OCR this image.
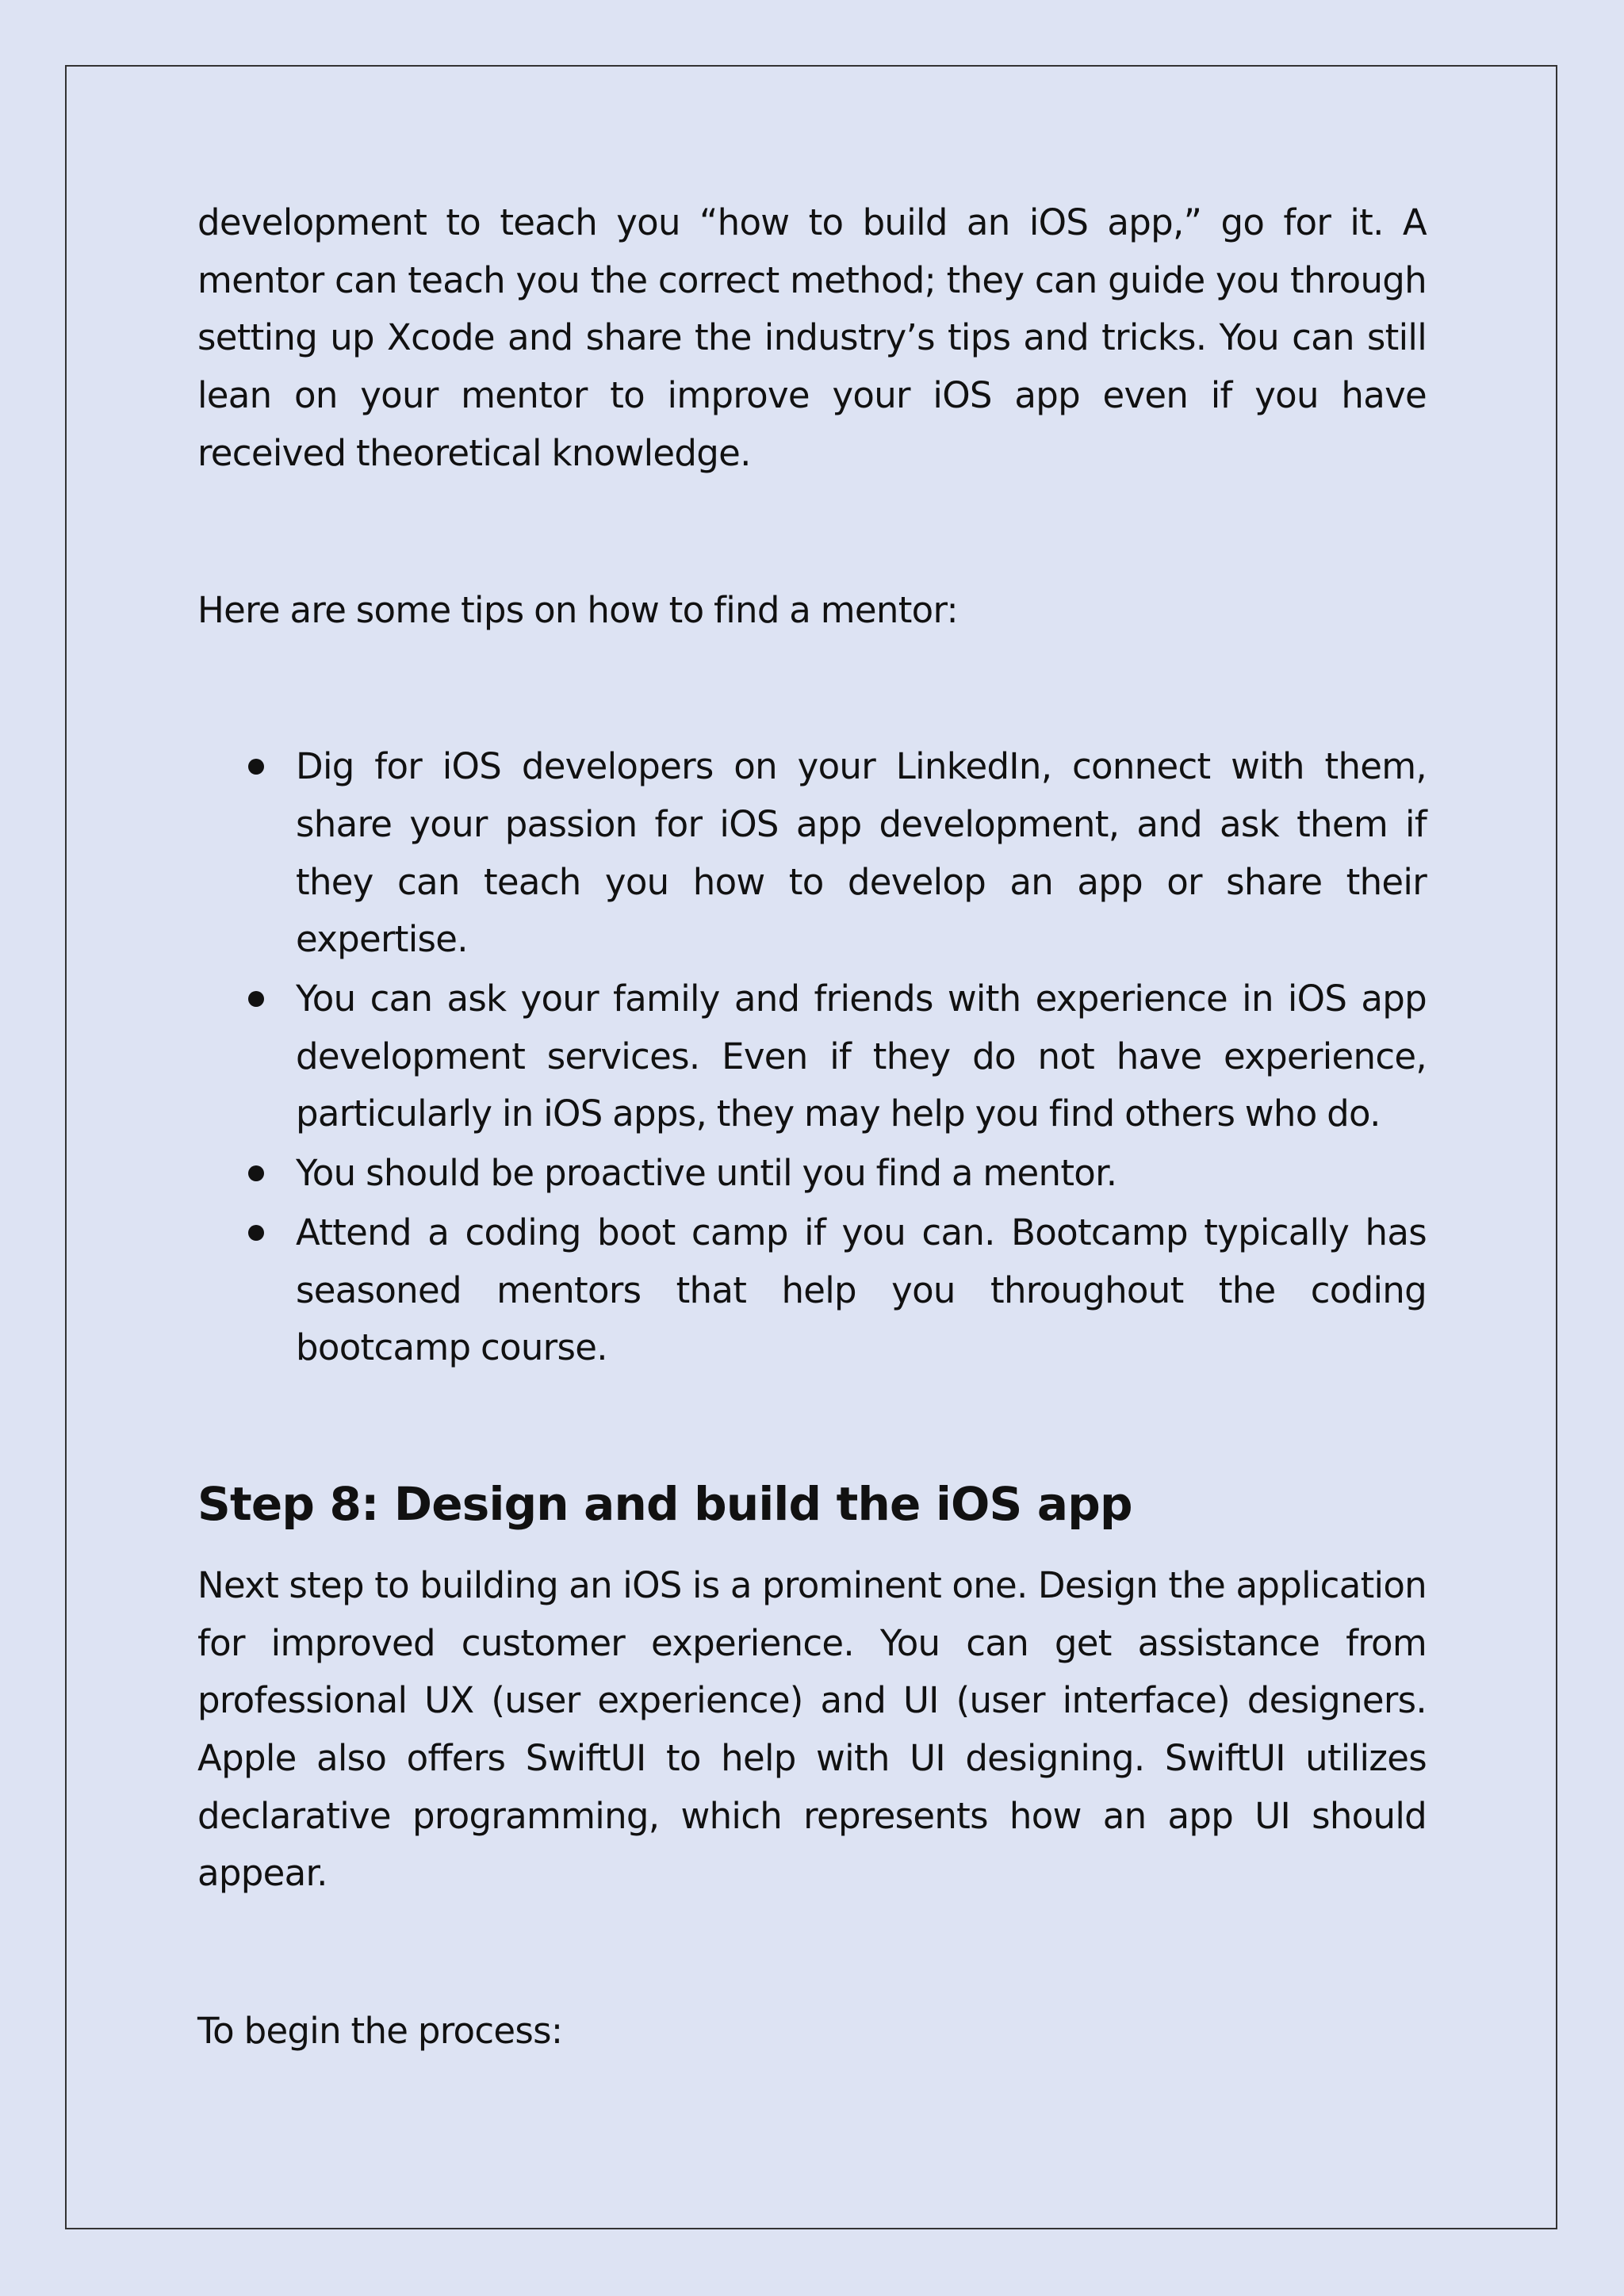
development to teach you “how to build an iOS app,” go for it. A mentor can teach you the correct method; they can guide you through setting up Xcode and share the industry’s tips and tricks. You can still lean on your mentor to improve your iOS app even if you have received theoretical knowledge.

Here are some tips on how to find a mentor:

Dig for iOS developers on your LinkedIn, connect with them, share your passion for iOS app development, and ask them if they can teach you how to develop an app or share their expertise.
You can ask your family and friends with experience in iOS app development services. Even if they do not have experience, particularly in iOS apps, they may help you find others who do.
You should be proactive until you find a mentor.
Attend a coding boot camp if you can. Bootcamp typically has seasoned mentors that help you throughout the coding bootcamp course.
Step 8: Design and build the iOS app

Next step to building an iOS is a prominent one. Design the application for improved customer experience. You can get assistance from professional UX (user experience) and UI (user interface) designers. Apple also offers SwiftUI to help with UI designing. SwiftUI utilizes declarative programming, which represents how an app UI should appear.

To begin the process:
